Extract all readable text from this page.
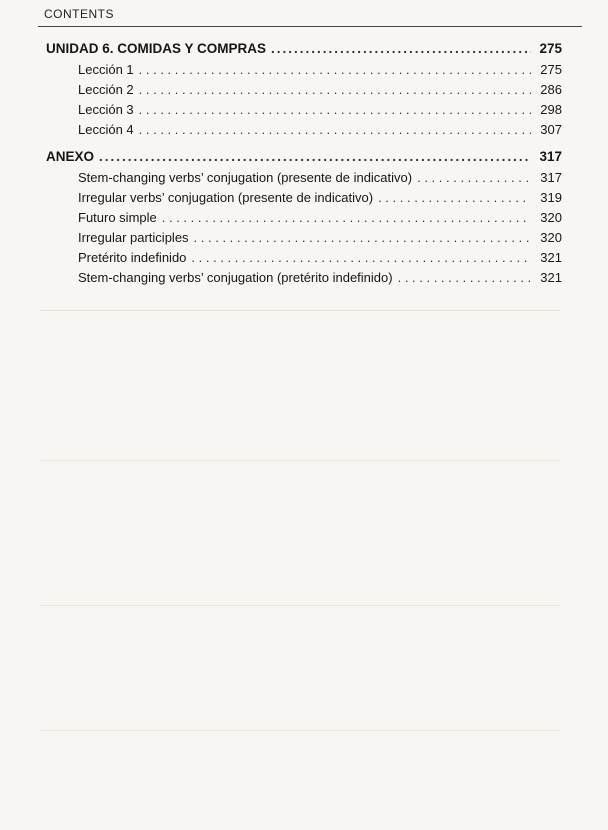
CONTENTS
UNIDAD 6. COMIDAS Y COMPRAS .....	275
Lección 1 . . .	275
Lección 2 . . .	286
Lección 3 . . .	298
Lección 4 . . .	307
ANEXO .....	317
Stem-changing verbs’ conjugation (presente de indicativo) . . .	317
Irregular verbs’ conjugation (presente de indicativo) . . .	319
Futuro simple . . .	320
Irregular participles . . .	320
Pretérito indefinido . . .	321
Stem-changing verbs’ conjugation (pretérito indefinido) . . .	321
